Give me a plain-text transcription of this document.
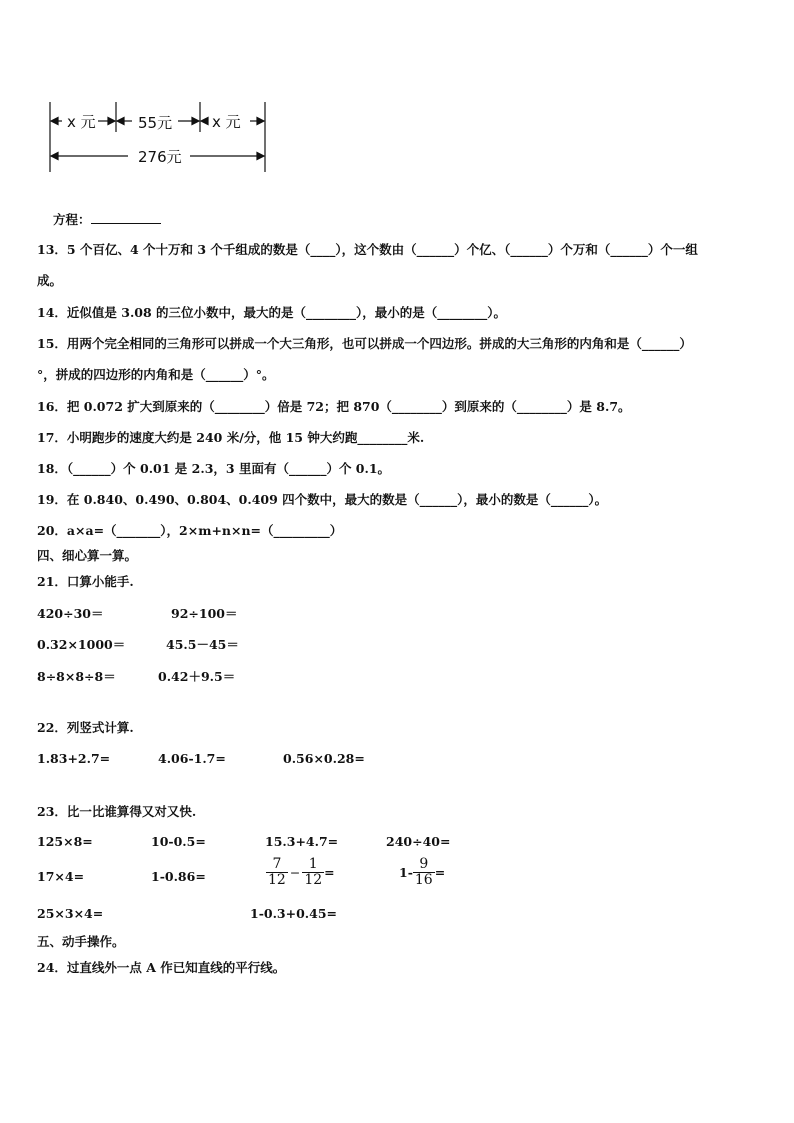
x 元	55元	x 元
276元
方程：
13．5 个百亿、4 个十万和 3 个千组成的数是（____），这个数由（______）个亿、（______）个万和（______）个一组
成。
14．近似值是 3.08 的三位小数中，最大的是（________），最小的是（________）。
15．用两个完全相同的三角形可以拼成一个大三角形，也可以拼成一个四边形。拼成的大三角形的内角和是（______）
°，拼成的四边形的内角和是（______）°。
16．把 0.072 扩大到原来的（________）倍是 72；把 870（________）到原来的（________）是 8.7。
17．小明跑步的速度大约是 240 米/分，他 15 钟大约跑________米.
18．（______）个 0.01 是 2.3，3 里面有（______）个 0.1。
19．在 0.840、0.490、0.804、0.409 四个数中，最大的数是（______），最小的数是（______）。
20．a×a=（_______），2×m+n×n=（_________）
四、细心算一算。
21．口算小能手.
420÷30＝	92÷100＝
0.32×1000＝	45.5－45＝
8÷8×8÷8＝	0.42＋9.5＝
22．列竖式计算.
1.83+2.7=	4.06-1.7=	0.56×0.28=
23．比一比谁算得又对又快.
125×8=	10-0.5=	15.3+4.7=	240÷40=
17×4=	1-0.86=	$\frac{7}{12} - \frac{1}{12}$ =	$1- \frac{9}{16}$ =
25×3×4=	1-0.3+0.45=
五、动手操作。
24．过直线外一点 A 作已知直线的平行线。
